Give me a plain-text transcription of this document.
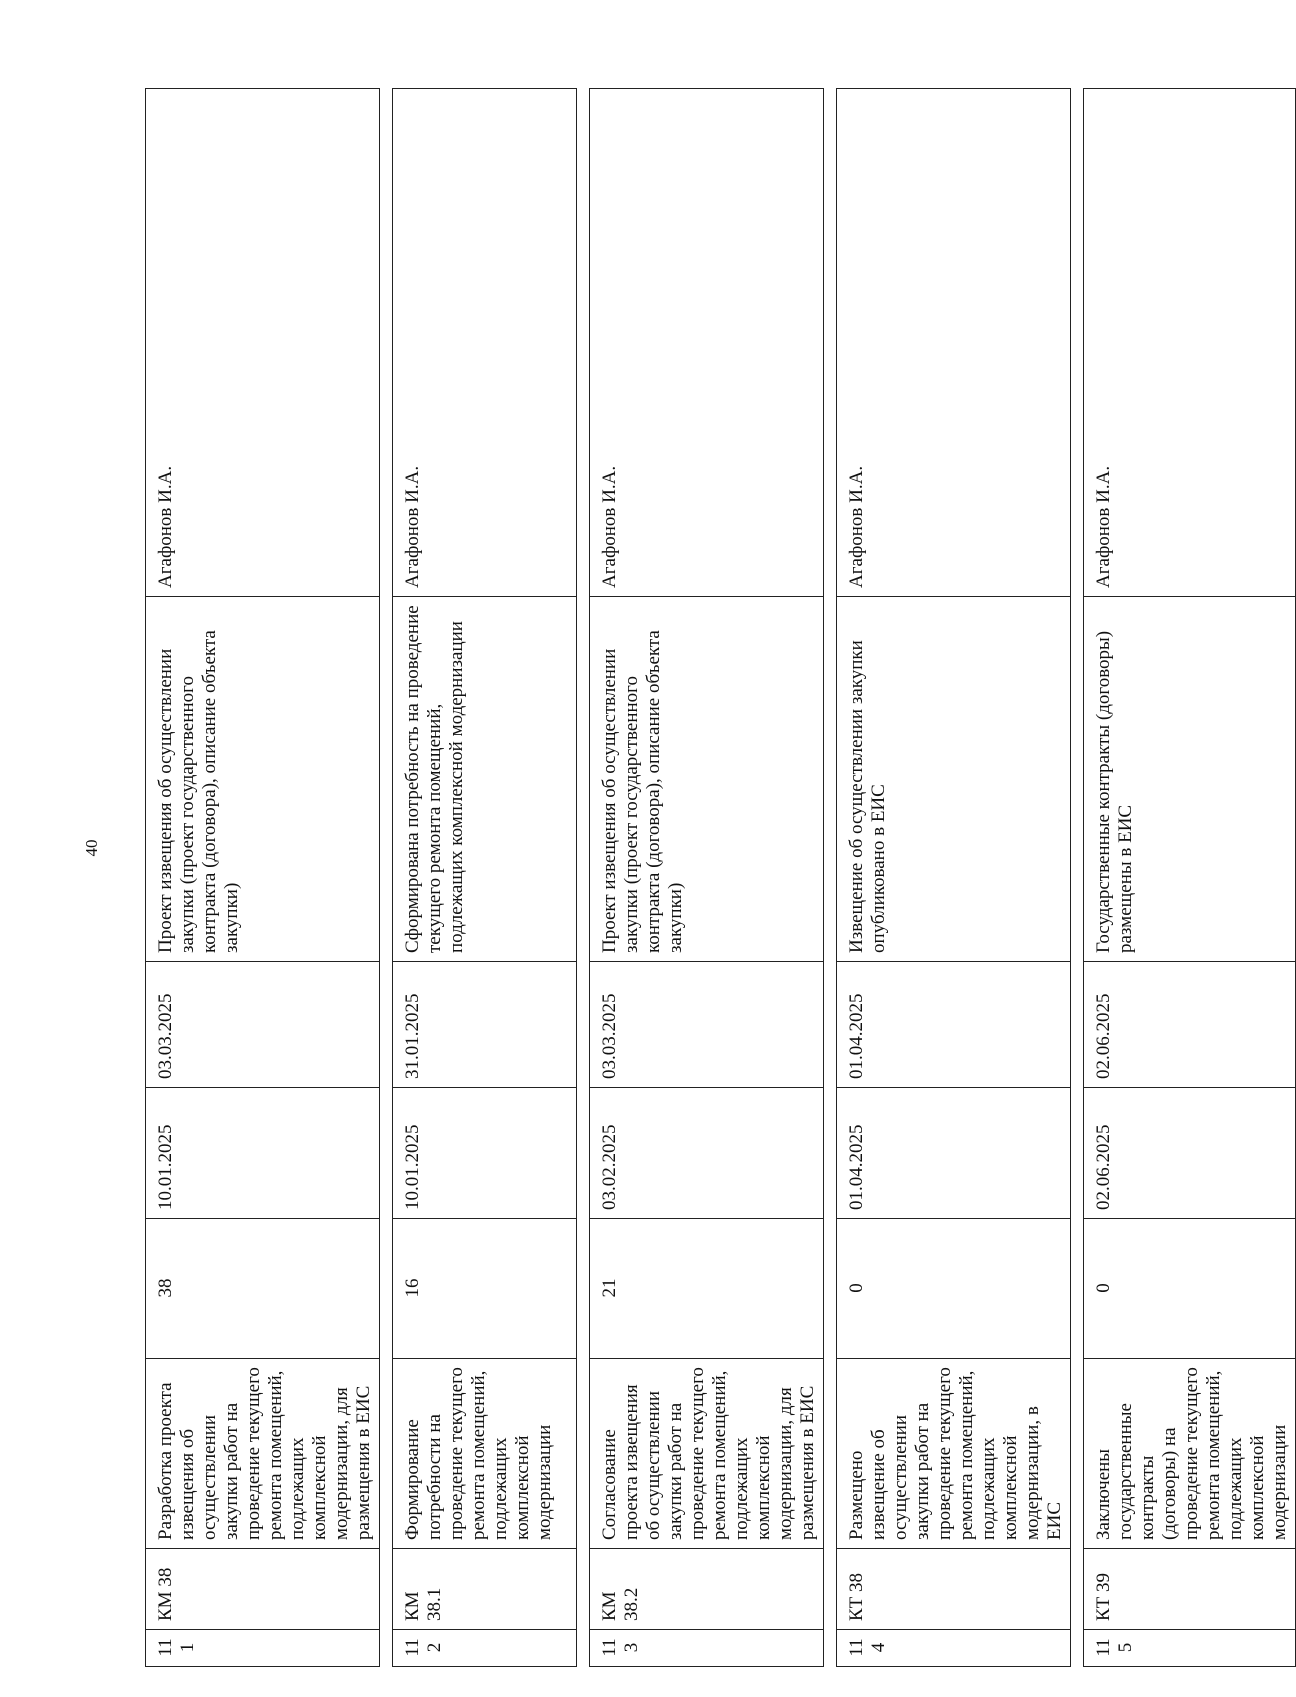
40
111	КМ 38	Разработка проекта извещения об осуществлении закупки работ на проведение текущего ремонта помещений, подлежащих комплексной модернизации, для размещения в ЕИС	38	10.01.2025	03.03.2025	Проект извещения об осуществлении закупки (проект государственного контракта (договора), описание объекта закупки)	Агафонов И.А.

112	КМ 38.1	Формирование потребности на проведение текущего ремонта помещений, подлежащих комплексной модернизации	16	10.01.2025	31.01.2025	Сформирована потребность на проведение текущего ремонта помещений, подлежащих комплексной модернизации	Агафонов И.А.

113	КМ 38.2	Согласование проекта извещения об осуществлении закупки работ на проведение текущего ремонта помещений, подлежащих комплексной модернизации, для размещения в ЕИС	21	03.02.2025	03.03.2025	Проект извещения об осуществлении закупки (проект государственного контракта (договора), описание объекта закупки)	Агафонов И.А.

114	КТ 38	Размещено извещение об осуществлении закупки работ на проведение текущего ремонта помещений, подлежащих комплексной модернизации, в ЕИС	0	01.04.2025	01.04.2025	Извещение об осуществлении закупки опубликовано в ЕИС	Агафонов И.А.

115	КТ 39	Заключены государственные контракты (договоры) на проведение текущего ремонта помещений, подлежащих комплексной модернизации	0	02.06.2025	02.06.2025	Государственные контракты (договоры) размещены в ЕИС	Агафонов И.А.
